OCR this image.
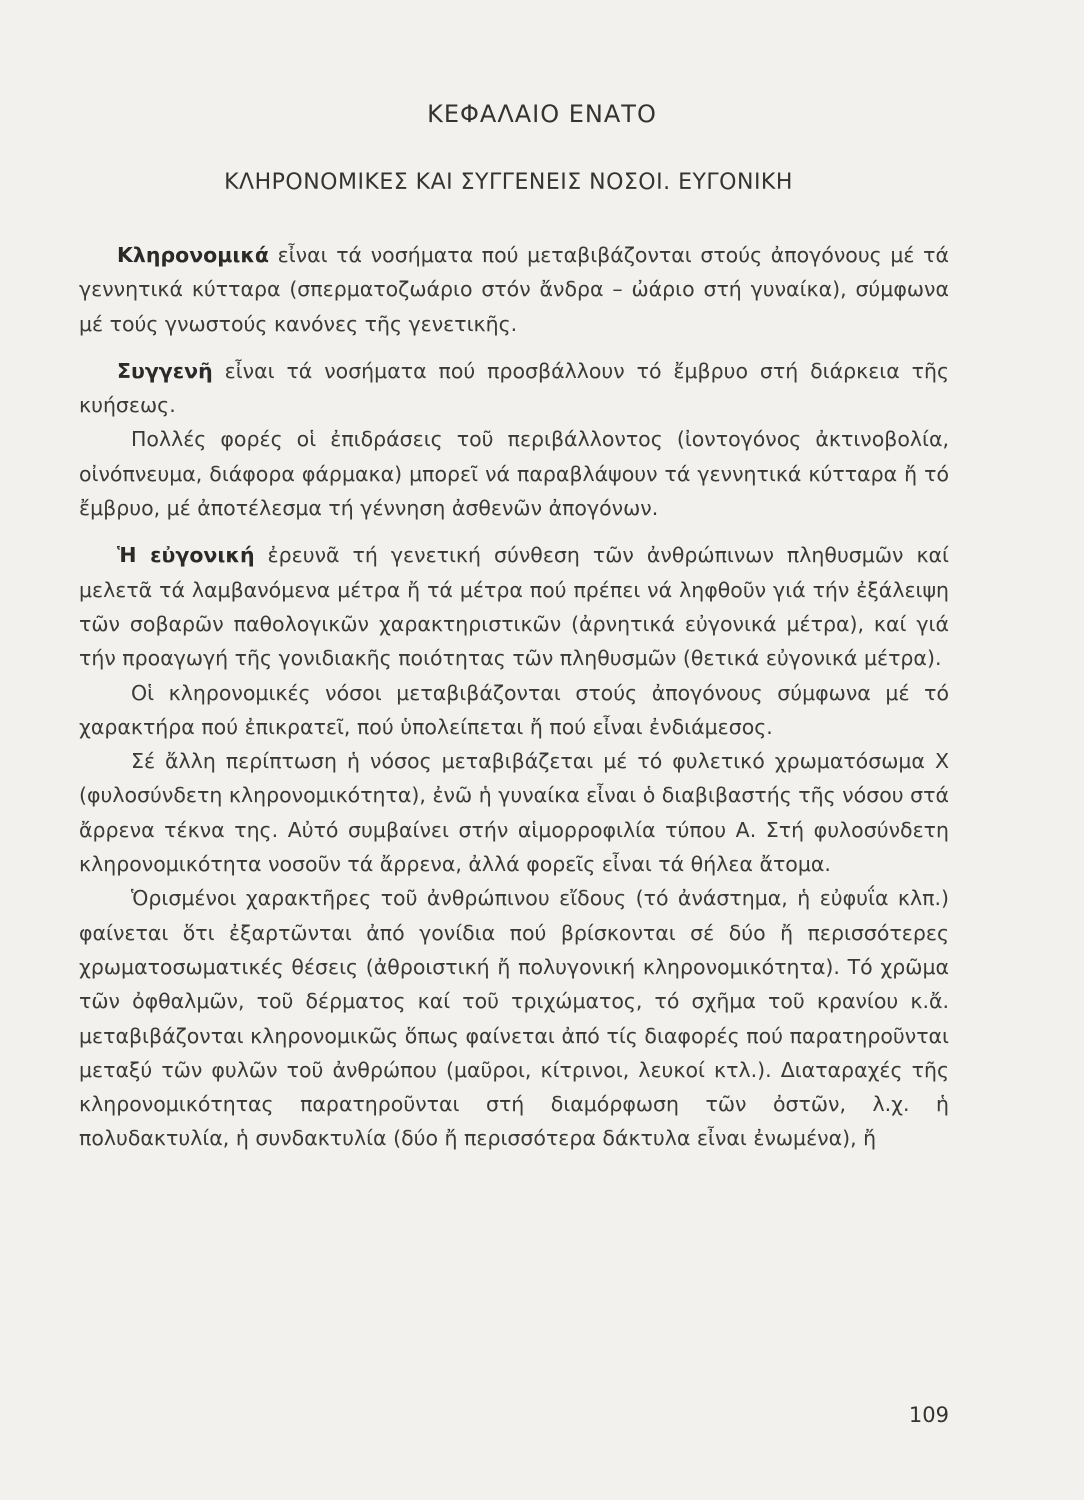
ΚΕΦΑΛΑΙΟ ΕΝΑΤΟ
ΚΛΗΡΟΝΟΜΙΚΕΣ ΚΑΙ ΣΥΓΓΕΝΕΙΣ ΝΟΣΟΙ. ΕΥΓΟΝΙΚΗ

Κληρονομικά εἶναι τά νοσήματα πού μεταβιβάζονται στούς ἀπογόνους μέ τά γεννητικά κύτταρα (σπερματοζωάριο στόν ἄνδρα – ὠάριο στή γυναίκα), σύμφωνα μέ τούς γνωστούς κανόνες τῆς γενετικῆς.

Συγγενῆ εἶναι τά νοσήματα πού προσβάλλουν τό ἔμβρυο στή διάρκεια τῆς κυήσεως.

Πολλές φορές οἱ ἐπιδράσεις τοῦ περιβάλλοντος (ἰοντογόνος ἀκτινοβολία, οἰνόπνευμα, διάφορα φάρμακα) μπορεῖ νά παραβλάψουν τά γεννητικά κύτταρα ἤ τό ἔμβρυο, μέ ἀποτέλεσμα τή γέννηση ἀσθενῶν ἀπογόνων.

Ἡ εὐγονική ἐρευνᾶ τή γενετική σύνθεση τῶν ἀνθρώπινων πληθυσμῶν καί μελετᾶ τά λαμβανόμενα μέτρα ἤ τά μέτρα πού πρέπει νά ληφθοῦν γιά τήν ἐξάλειψη τῶν σοβαρῶν παθολογικῶν χαρακτηριστικῶν (ἀρνητικά εὐγονικά μέτρα), καί γιά τήν προαγωγή τῆς γονιδιακῆς ποιότητας τῶν πληθυσμῶν (θετικά εὐγονικά μέτρα).

Οἱ κληρονομικές νόσοι μεταβιβάζονται στούς ἀπογόνους σύμφωνα μέ τό χαρακτήρα πού ἐπικρατεῖ, πού ὑπολείπεται ἤ πού εἶναι ἐνδιάμεσος.

Σέ ἄλλη περίπτωση ἡ νόσος μεταβιβάζεται μέ τό φυλετικό χρωματόσωμα Χ (φυλοσύνδετη κληρονομικότητα), ἐνῶ ἡ γυναίκα εἶναι ὁ διαβιβαστής τῆς νόσου στά ἄρρενα τέκνα της. Αὐτό συμβαίνει στήν αἱμορροφιλία τύπου Α. Στή φυλοσύνδετη κληρονομικότητα νοσοῦν τά ἄρρενα, ἀλλά φορεῖς εἶναι τά θήλεα ἄτομα.

Ὁρισμένοι χαρακτῆρες τοῦ ἀνθρώπινου εἴδους (τό ἀνάστημα, ἡ εὐφυΐα κλπ.) φαίνεται ὅτι ἐξαρτῶνται ἀπό γονίδια πού βρίσκονται σέ δύο ἤ περισσότερες χρωματοσωματικές θέσεις (ἀθροιστική ἤ πολυγονική κληρονομικότητα). Τό χρῶμα τῶν ὀφθαλμῶν, τοῦ δέρματος καί τοῦ τριχώματος, τό σχῆμα τοῦ κρανίου κ.ἄ. μεταβιβάζονται κληρονομικῶς ὅπως φαίνεται ἀπό τίς διαφορές πού παρατηροῦνται μεταξύ τῶν φυλῶν τοῦ ἀνθρώπου (μαῦροι, κίτρινοι, λευκοί κτλ.). Διαταραχές τῆς κληρονομικότητας παρατηροῦνται στή διαμόρφωση τῶν ὀστῶν, λ.χ. ἡ πολυδακτυλία, ἡ συνδακτυλία (δύο ἤ περισσότερα δάκτυλα εἶναι ἐνωμένα), ἤ

109
